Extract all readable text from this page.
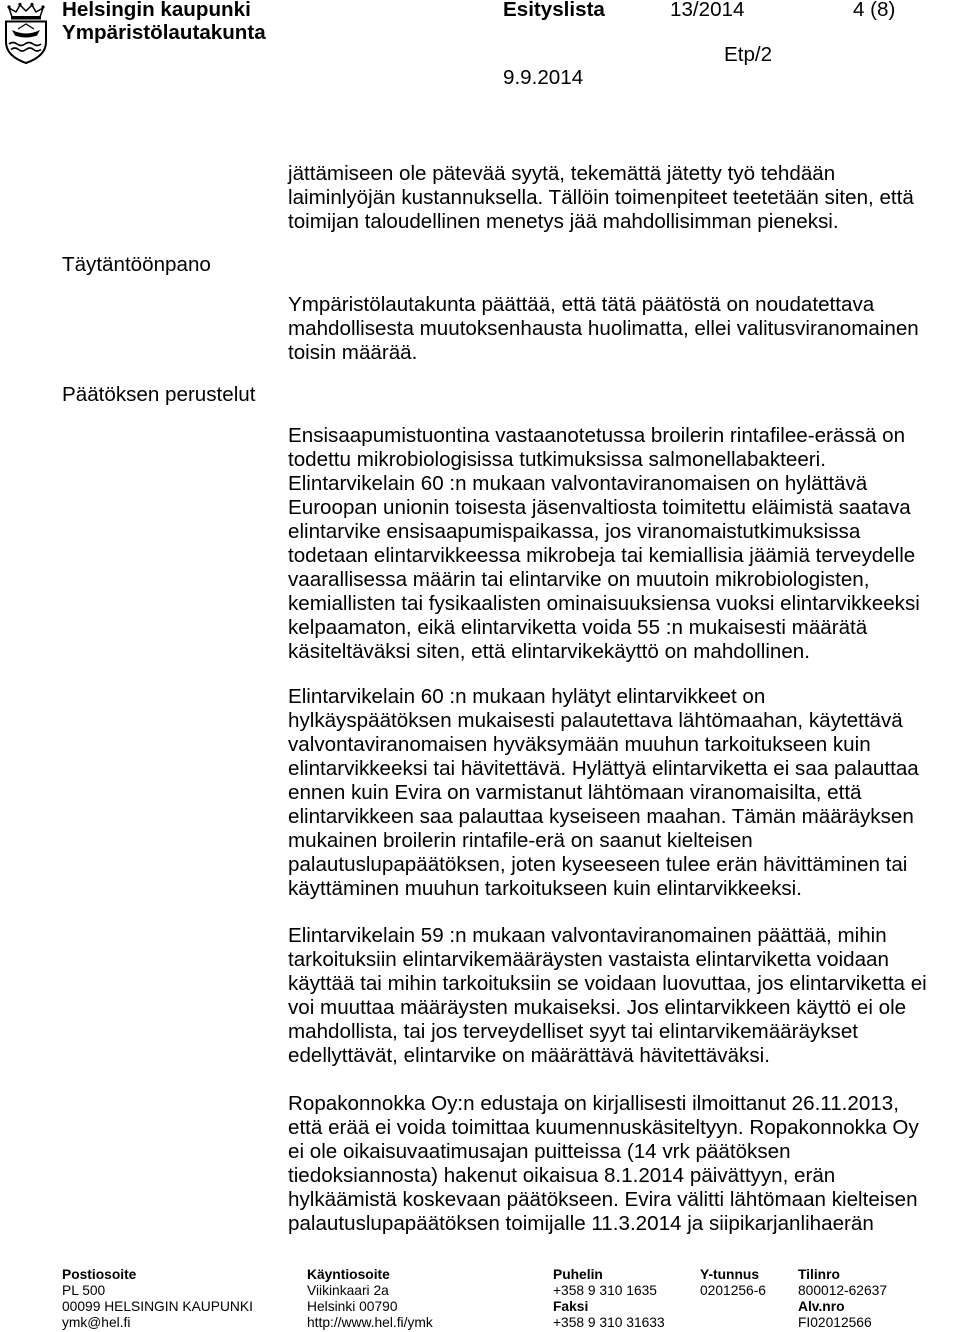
Helsingin kaupunki
Ympäristölautakunta
Esityslista	13/2014	4 (8)
Etp/2
9.9.2014
jättämiseen ole pätevää syytä, tekemättä jätetty työ tehdään
laiminlyöjän kustannuksella. Tällöin toimenpiteet teetetään siten, että
toimijan taloudellinen menetys jää mahdollisimman pieneksi.
Täytäntöönpano
Ympäristölautakunta päättää, että tätä päätöstä on noudatettava
mahdollisesta muutoksenhausta huolimatta, ellei valitusviranomainen
toisin määrää.
Päätöksen perustelut
Ensisaapumistuontina vastaanotetussa broilerin rintafilee-erässä on
todettu mikrobiologisissa tutkimuksissa salmonellabakteeri.
Elintarvikelain 60 :n mukaan valvontaviranomaisen on hylättävä
Euroopan unionin toisesta jäsenvaltiosta toimitettu eläimistä saatava
elintarvike ensisaapumispaikassa, jos viranomaistutkimuksissa
todetaan elintarvikkeessa mikrobeja tai kemiallisia jäämiä terveydelle
vaarallisessa määrin tai elintarvike on muutoin mikrobiologisten,
kemiallisten tai fysikaalisten ominaisuuksiensa vuoksi elintarvikkeeksi
kelpaamaton, eikä elintarviketta voida 55 :n mukaisesti määrätä
käsiteltäväksi siten, että elintarvikekäyttö on mahdollinen.
Elintarvikelain 60 :n mukaan hylätyt elintarvikkeet on
hylkäyspäätöksen mukaisesti palautettava lähtömaahan, käytettävä
valvontaviranomaisen hyväksymään muuhun tarkoitukseen kuin
elintarvikkeeksi tai hävitettävä. Hylättyä elintarviketta ei saa palauttaa
ennen kuin Evira on varmistanut lähtömaan viranomaisilta, että
elintarvikkeen saa palauttaa kyseiseen maahan. Tämän määräyksen
mukainen broilerin rintafile-erä on saanut kielteisen
palautuslupapäätöksen, joten kyseeseen tulee erän hävittäminen tai
käyttäminen muuhun tarkoitukseen kuin elintarvikkeeksi.
Elintarvikelain 59 :n mukaan valvontaviranomainen päättää, mihin
tarkoituksiin elintarvikemääräysten vastaista elintarviketta voidaan
käyttää tai mihin tarkoituksiin se voidaan luovuttaa, jos elintarviketta ei
voi muuttaa määräysten mukaiseksi. Jos elintarvikkeen käyttö ei ole
mahdollista, tai jos terveydelliset syyt tai elintarvikemääräykset
edellyttävät, elintarvike on määrättävä hävitettäväksi.
Ropakonnokka Oy:n edustaja on kirjallisesti ilmoittanut 26.11.2013,
että erää ei voida toimittaa kuumennuskäsiteltyyn. Ropakonnokka Oy
ei ole oikaisuvaatimusajan puitteissa (14 vrk päätöksen
tiedoksiannosta) hakenut oikaisua 8.1.2014 päivättyyn, erän
hylkäämistä koskevaan päätökseen. Evira välitti lähtömaan kielteisen
palautuslupapäätöksen toimijalle 11.3.2014 ja siipikarjanlihaerän
Postiosoite
PL 500
00099 HELSINGIN KAUPUNKI
ymk@hel.fi
Käyntiosoite
Viikinkaari 2a
Helsinki 00790
http://www.hel.fi/ymk
Puhelin
+358 9 310 1635
Faksi
+358 9 310 31633
Y-tunnus
0201256-6
Tilinro
800012-62637
Alv.nro
FI02012566
